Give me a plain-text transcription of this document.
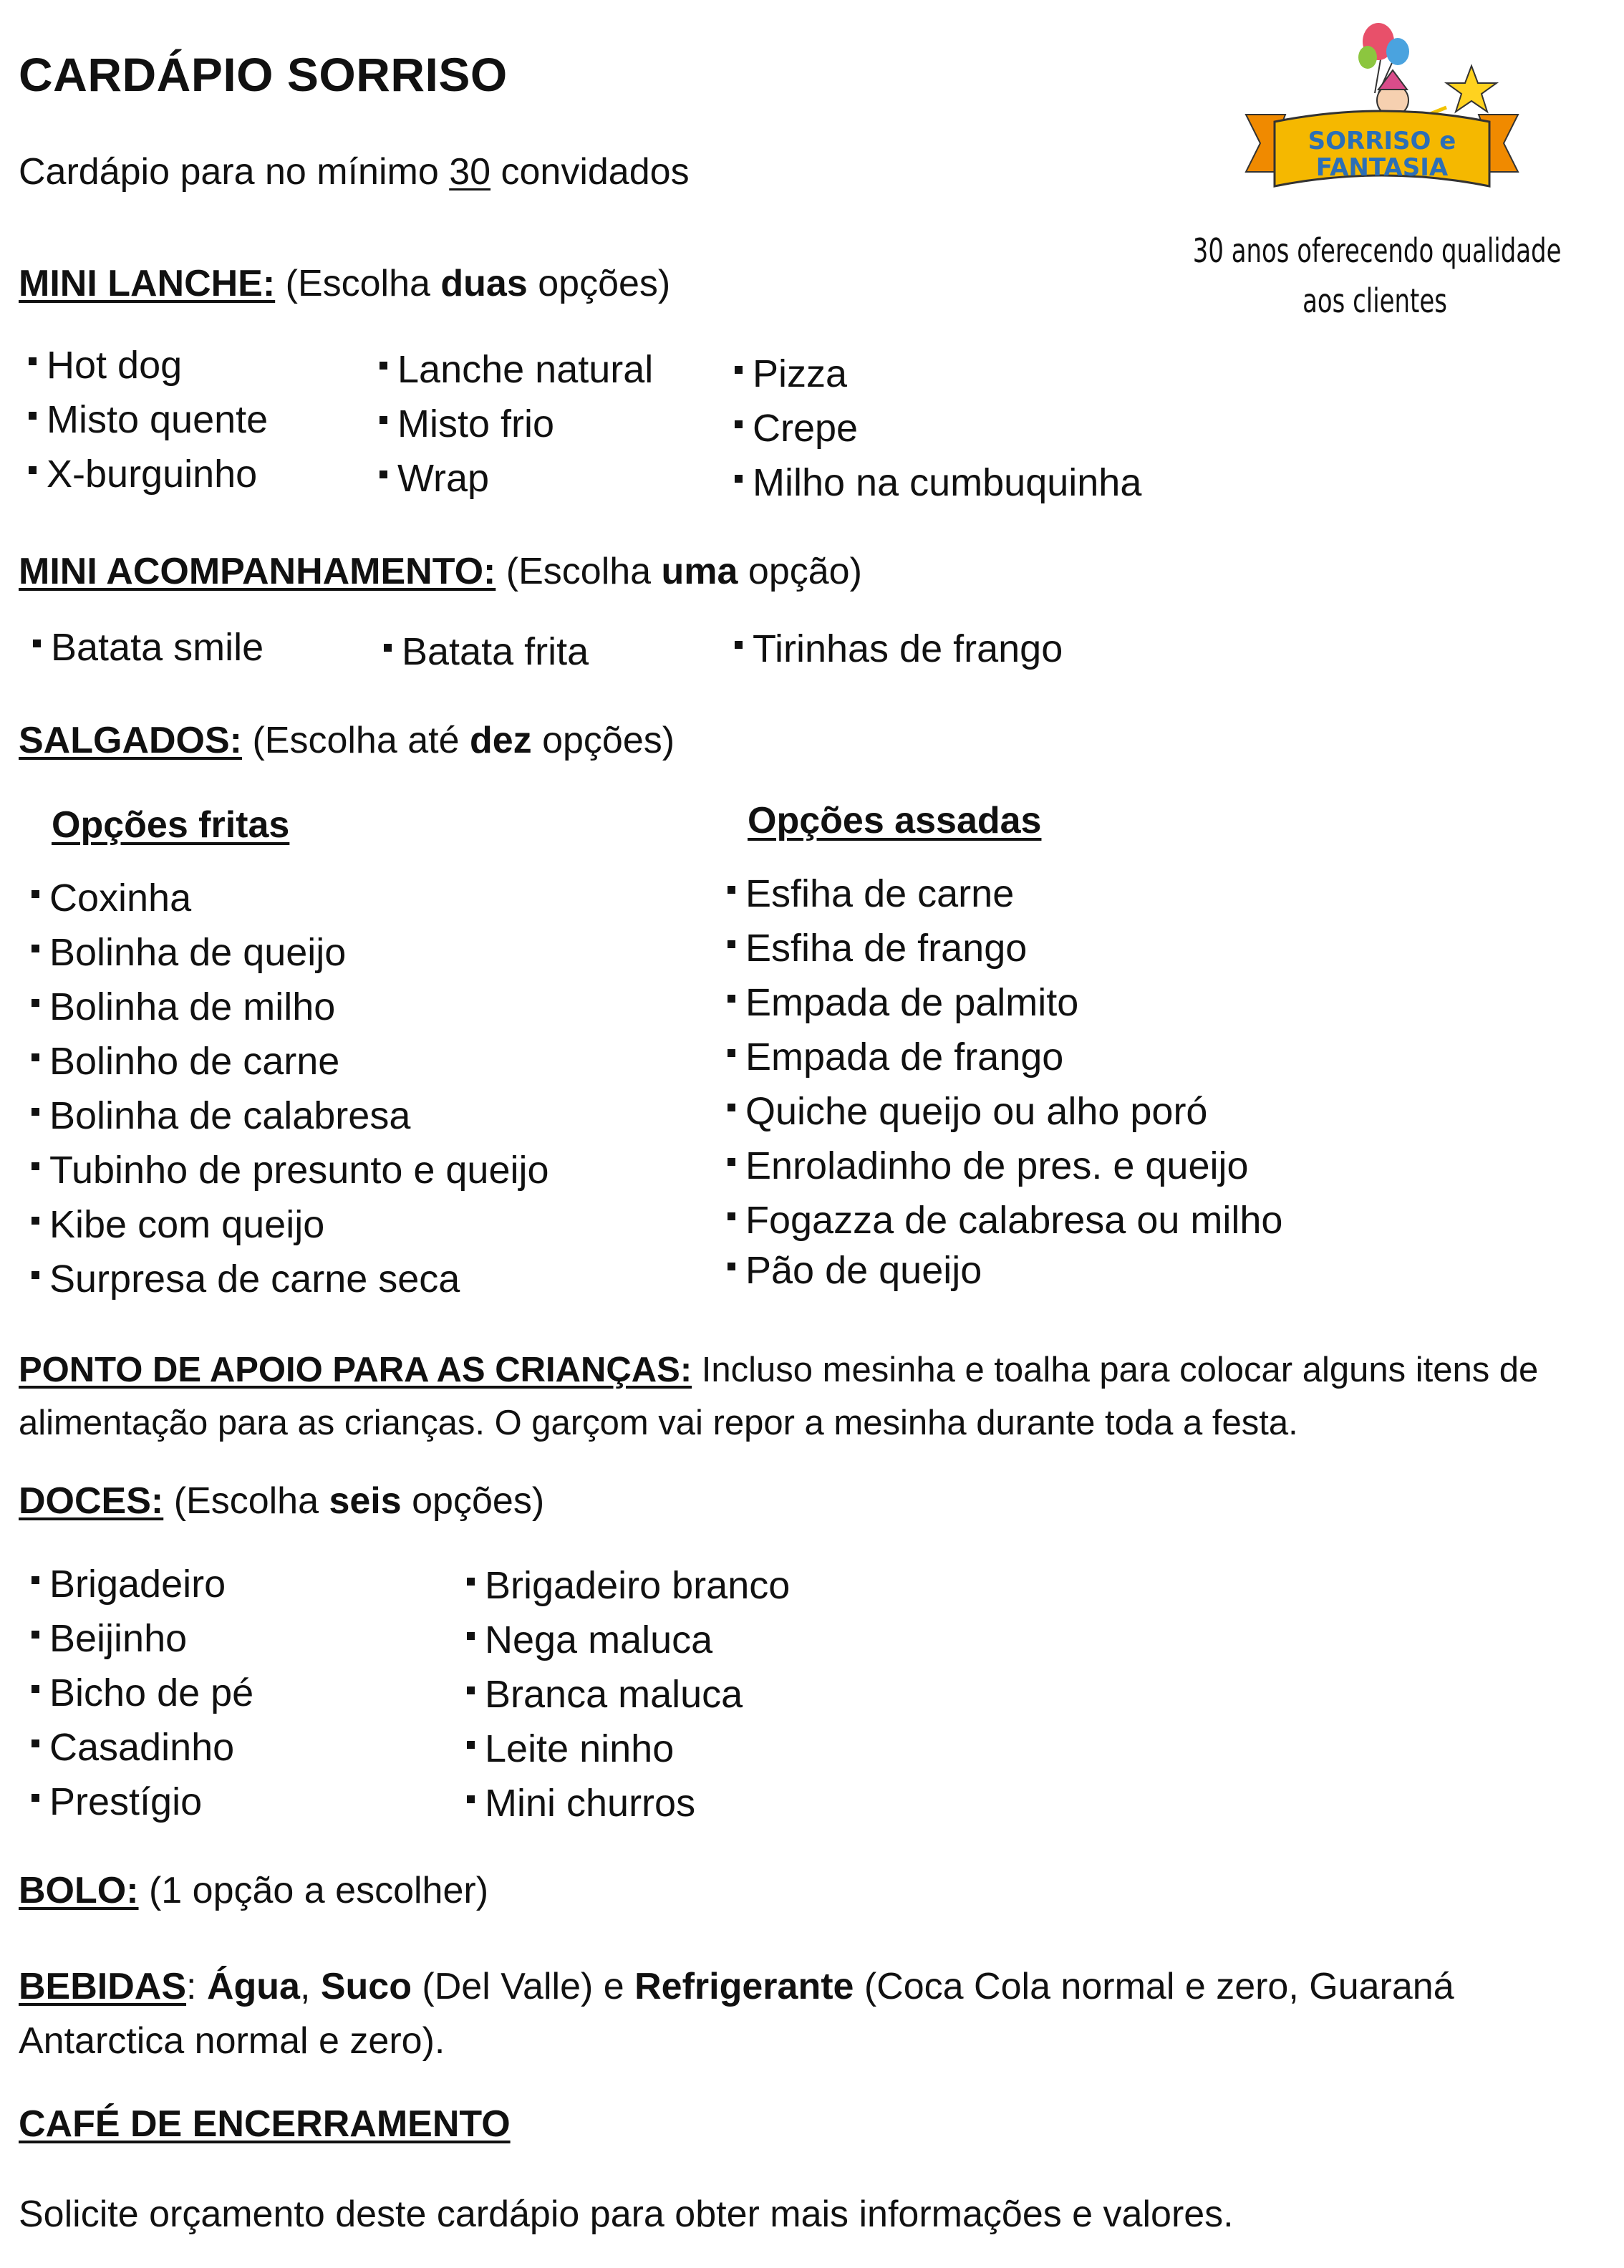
CARDÁPIO SORRISO
Cardápio para no mínimo 30 convidados
SORRISO e
FANTASIA
30 anos oferecendo qualidade
aos clientes
MINI LANCHE: (Escolha duas opções)
Hot dog
Misto quente
X-burguinho
Lanche natural
Misto frio
Wrap
Pizza
Crepe
Milho na cumbuquinha
MINI ACOMPANHAMENTO: (Escolha uma opção)
Batata smile	Batata frita	Tirinhas de frango
SALGADOS: (Escolha até dez opções)
Opções fritas	Opções assadas
Coxinha
Bolinha de queijo
Bolinha de milho
Bolinho de carne
Bolinha de calabresa
Tubinho de presunto e queijo
Kibe com queijo
Surpresa de carne seca
Esfiha de carne
Esfiha de frango
Empada de palmito
Empada de frango
Quiche queijo ou alho poró
Enroladinho de pres. e queijo
Fogazza de calabresa ou milho
Pão de queijo
PONTO DE APOIO PARA AS CRIANÇAS: Incluso mesinha e toalha para colocar alguns itens de alimentação para as crianças. O garçom vai repor a mesinha durante toda a festa.
DOCES: (Escolha seis opções)
Brigadeiro
Beijinho
Bicho de pé
Casadinho
Prestígio
Brigadeiro branco
Nega maluca
Branca maluca
Leite ninho
Mini churros
BOLO: (1 opção a escolher)
BEBIDAS: Água, Suco (Del Valle) e Refrigerante (Coca Cola normal e zero, Guaraná Antarctica normal e zero).
CAFÉ DE ENCERRAMENTO
Solicite orçamento deste cardápio para obter mais informações e valores.
